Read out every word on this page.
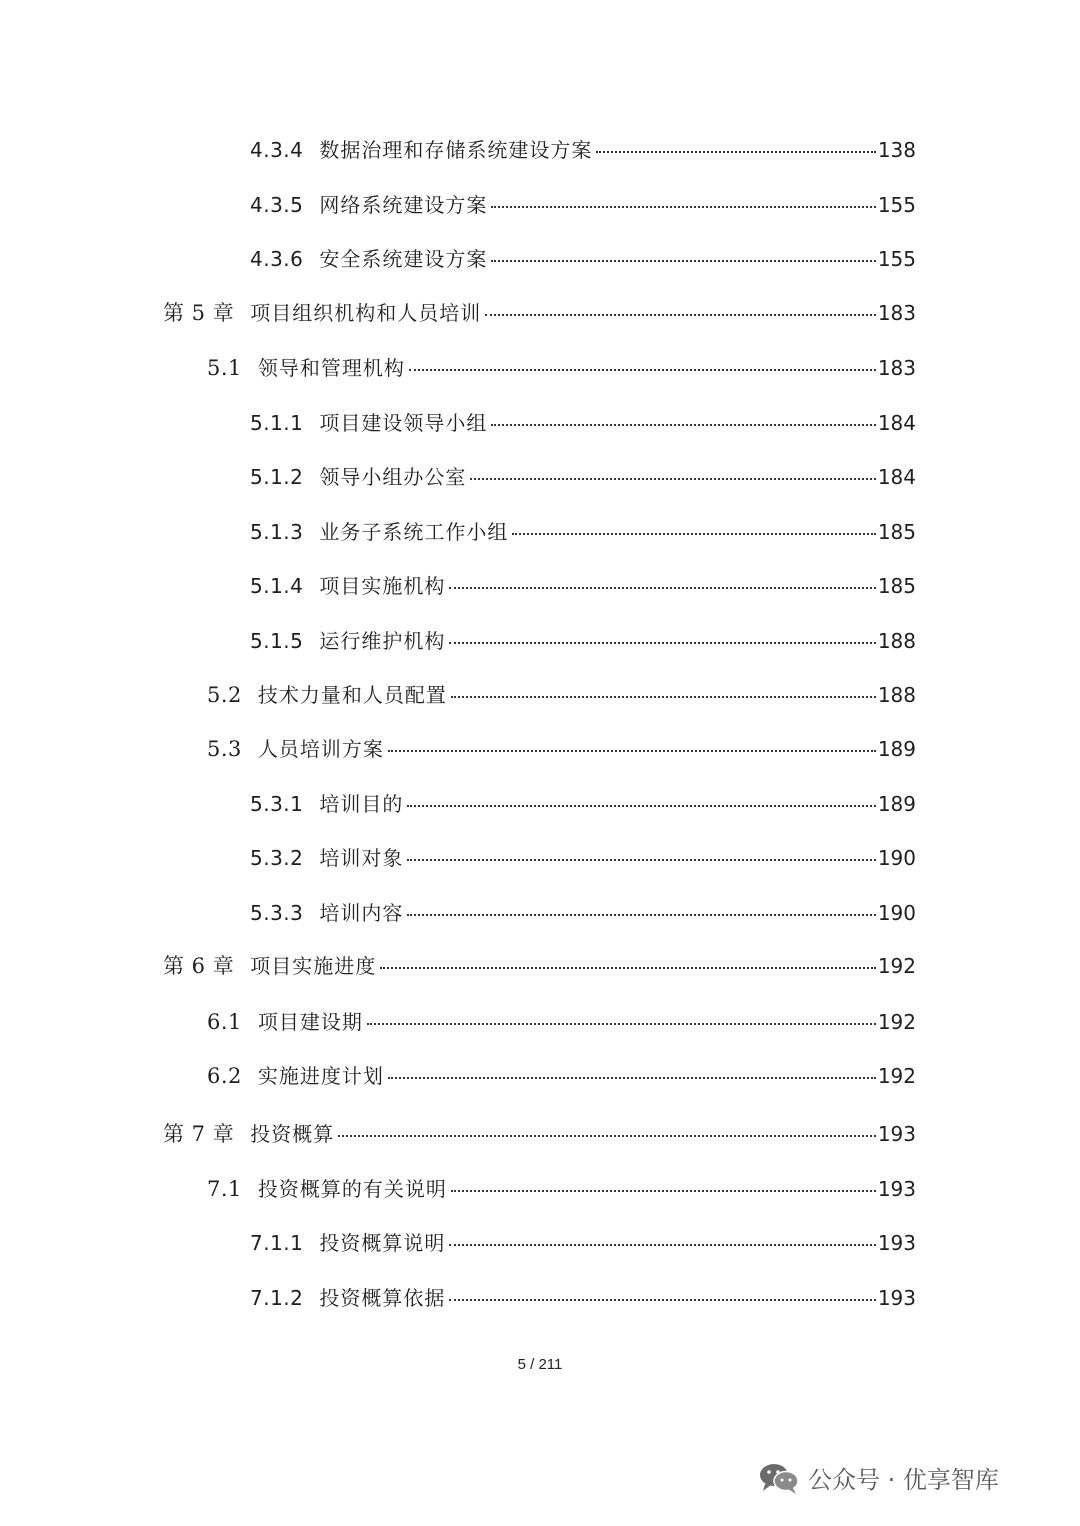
4.3.4 数据治理和存储系统建设方案	138
4.3.5 网络系统建设方案	155
4.3.6 安全系统建设方案	155
第 5 章 项目组织机构和人员培训	183
5.1 领导和管理机构	183
5.1.1 项目建设领导小组	184
5.1.2 领导小组办公室	184
5.1.3 业务子系统工作小组	185
5.1.4 项目实施机构	185
5.1.5 运行维护机构	188
5.2 技术力量和人员配置	188
5.3 人员培训方案	189
5.3.1 培训目的	189
5.3.2 培训对象	190
5.3.3 培训内容	190
第 6 章 项目实施进度	192
6.1 项目建设期	192
6.2 实施进度计划	192
第 7 章 投资概算	193
7.1 投资概算的有关说明	193
7.1.1 投资概算说明	193
7.1.2 投资概算依据	193
5 / 211
公众号 · 优享智库
